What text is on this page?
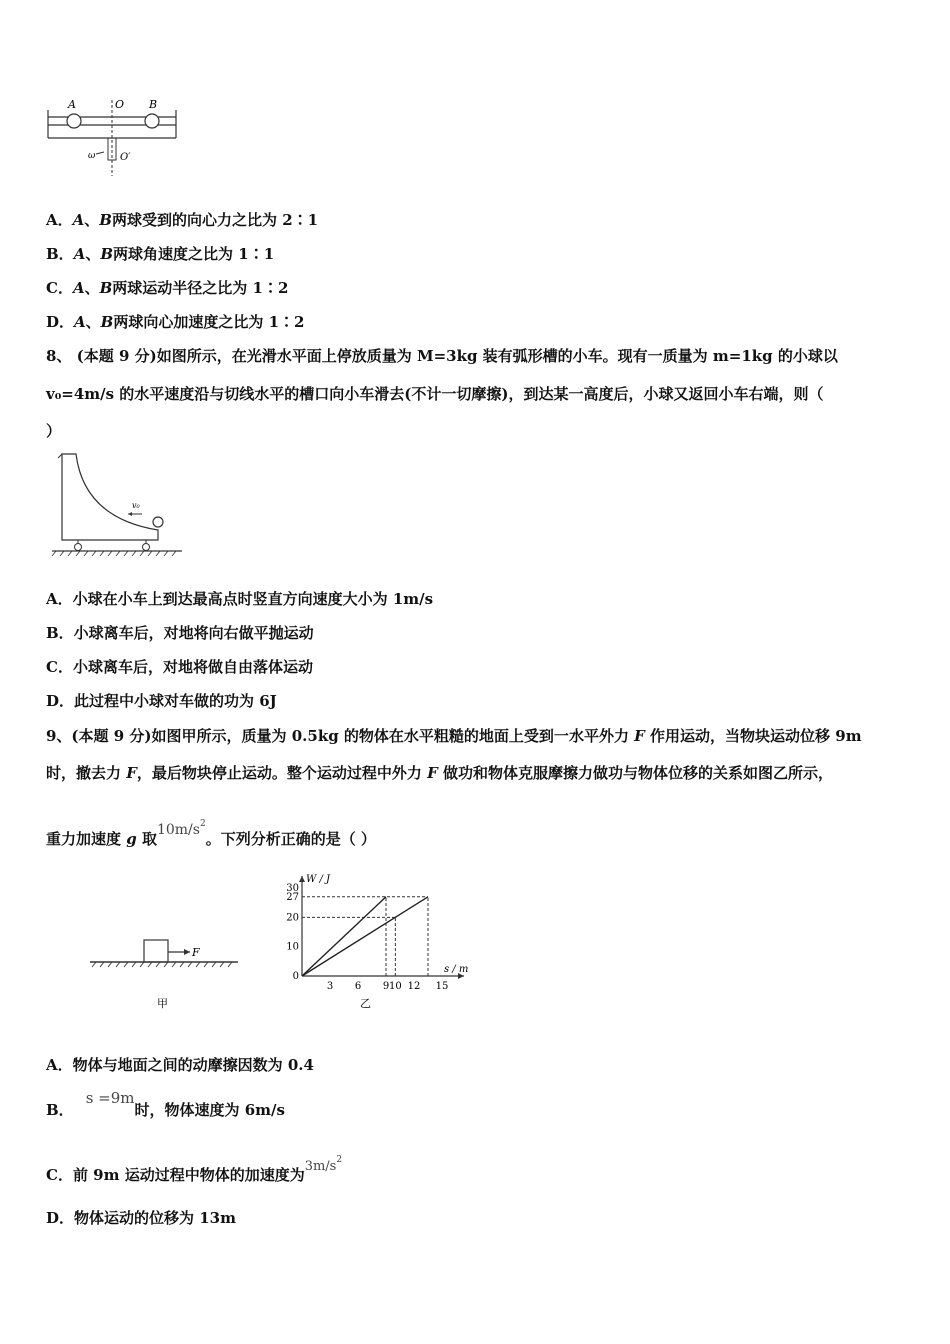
A	O B
ω O′
A．A、B两球受到的向心力之比为 2∶1
B．A、B两球角速度之比为 1∶1
C．A、B两球运动半径之比为 1∶2
D．A、B两球向心加速度之比为 1∶2
8、 (本题 9 分)如图所示，在光滑水平面上停放质量为 M=3kg 装有弧形槽的小车。现有一质量为 m=1kg 的小球以
v₀=4m/s 的水平速度沿与切线水平的槽口向小车滑去(不计一切摩擦)，到达某一高度后，小球又返回小车右端，则（
）
v₀
A．小球在小车上到达最高点时竖直方向速度大小为 1m/s
B．小球离车后，对地将向右做平抛运动
C．小球离车后，对地将做自由落体运动
D．此过程中小球对车做的功为 6J
9、(本题 9 分)如图甲所示，质量为 0.5kg 的物体在水平粗糙的地面上受到一水平外力 F 作用运动，当物块运动位移 9m
时，撤去力 F，最后物块停止运动。整个运动过程中外力 F 做功和物体克服摩擦力做功与物体位移的关系如图乙所示，
重力加速度 g 取$10m/s^2$。下列分析正确的是（ ）
F
甲
3 6 9 10 12 15
0
10
20
27
30
W / J
s / m
乙
A．物体与地面之间的动摩擦因数为 0.4
B．s =9m时，物体速度为 6m/s
C．前 9m 运动过程中物体的加速度为$3m/s^2$
D．物体运动的位移为 13m
